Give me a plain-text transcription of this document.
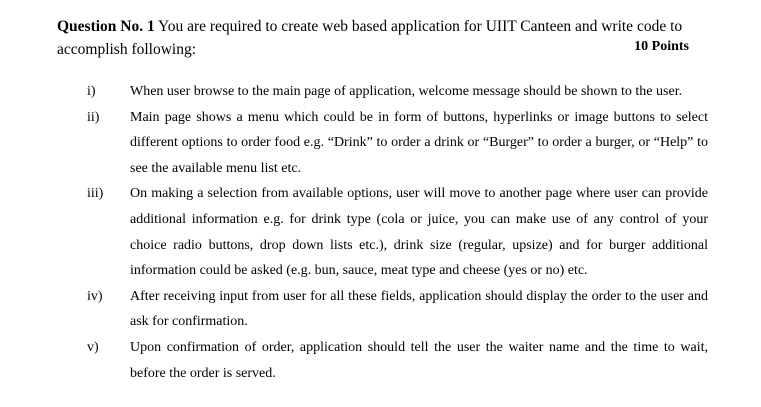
Question No. 1 You are required to create web based application for UIIT Canteen and write code to accomplish following:	10 Points
i)	When user browse to the main page of application, welcome message should be shown to the user.
ii)	Main page shows a menu which could be in form of buttons, hyperlinks or image buttons to select different options to order food e.g. “Drink” to order a drink or “Burger” to order a burger, or “Help” to see the available menu list etc.
iii)	On making a selection from available options, user will move to another page where user can provide additional information e.g. for drink type (cola or juice, you can make use of any control of your choice radio buttons, drop down lists etc.), drink size (regular, upsize) and for burger additional information could be asked (e.g. bun, sauce, meat type and cheese (yes or no) etc.
iv)	After receiving input from user for all these fields, application should display the order to the user and ask for confirmation.
v)	Upon confirmation of order, application should tell the user the waiter name and the time to wait, before the order is served.
